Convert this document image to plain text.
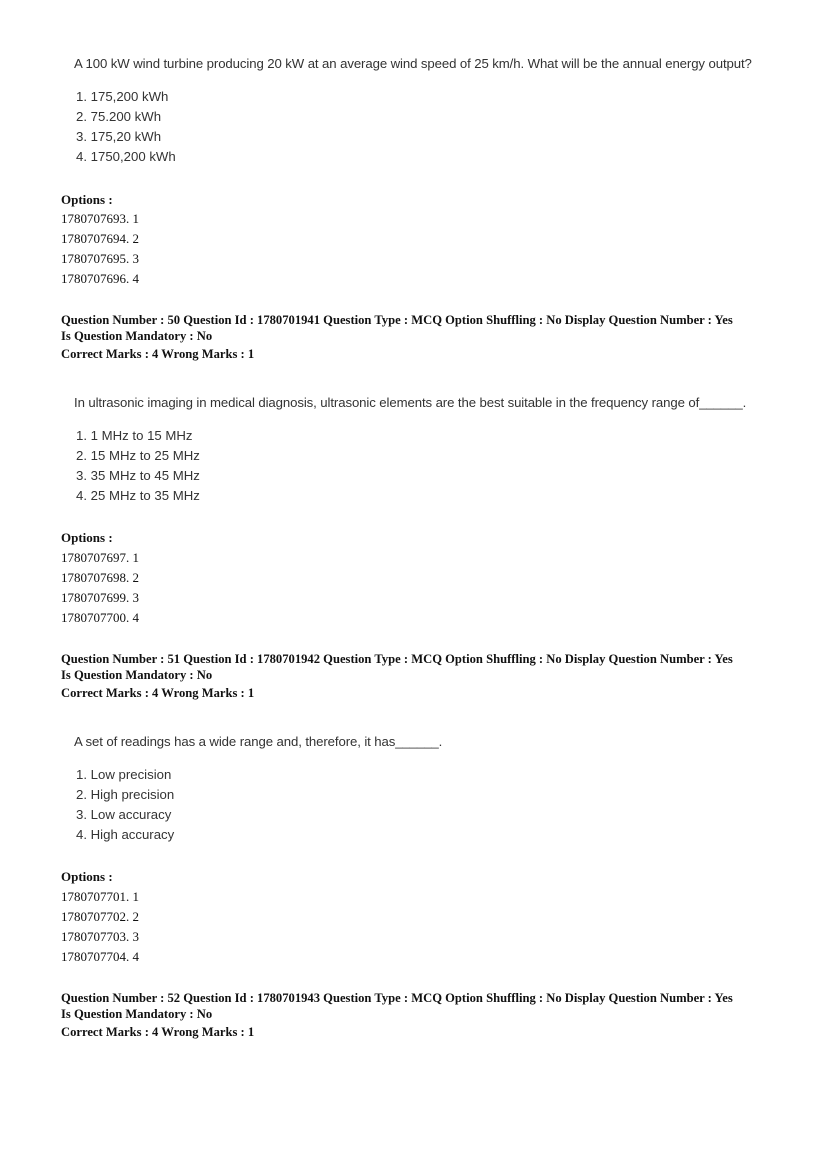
A 100 kW wind turbine producing 20 kW at an average wind speed of 25 km/h. What will be the annual energy output?
1. 175,200 kWh
2. 75.200 kWh
3. 175,20 kWh
4. 1750,200 kWh
Options :
1780707693. 1
1780707694. 2
1780707695. 3
1780707696. 4
Question Number : 50 Question Id : 1780701941 Question Type : MCQ Option Shuffling : No Display Question Number : Yes
Is Question Mandatory : No
Correct Marks : 4 Wrong Marks : 1
In ultrasonic imaging in medical diagnosis, ultrasonic elements are the best suitable in the frequency range of______.
1. 1 MHz to 15 MHz
2. 15 MHz to 25 MHz
3. 35 MHz to 45 MHz
4. 25 MHz to 35 MHz
Options :
1780707697. 1
1780707698. 2
1780707699. 3
1780707700. 4
Question Number : 51 Question Id : 1780701942 Question Type : MCQ Option Shuffling : No Display Question Number : Yes
Is Question Mandatory : No
Correct Marks : 4 Wrong Marks : 1
A set of readings has a wide range and, therefore, it has______.
1. Low precision
2. High precision
3. Low accuracy
4. High accuracy
Options :
1780707701. 1
1780707702. 2
1780707703. 3
1780707704. 4
Question Number : 52 Question Id : 1780701943 Question Type : MCQ Option Shuffling : No Display Question Number : Yes
Is Question Mandatory : No
Correct Marks : 4 Wrong Marks : 1
